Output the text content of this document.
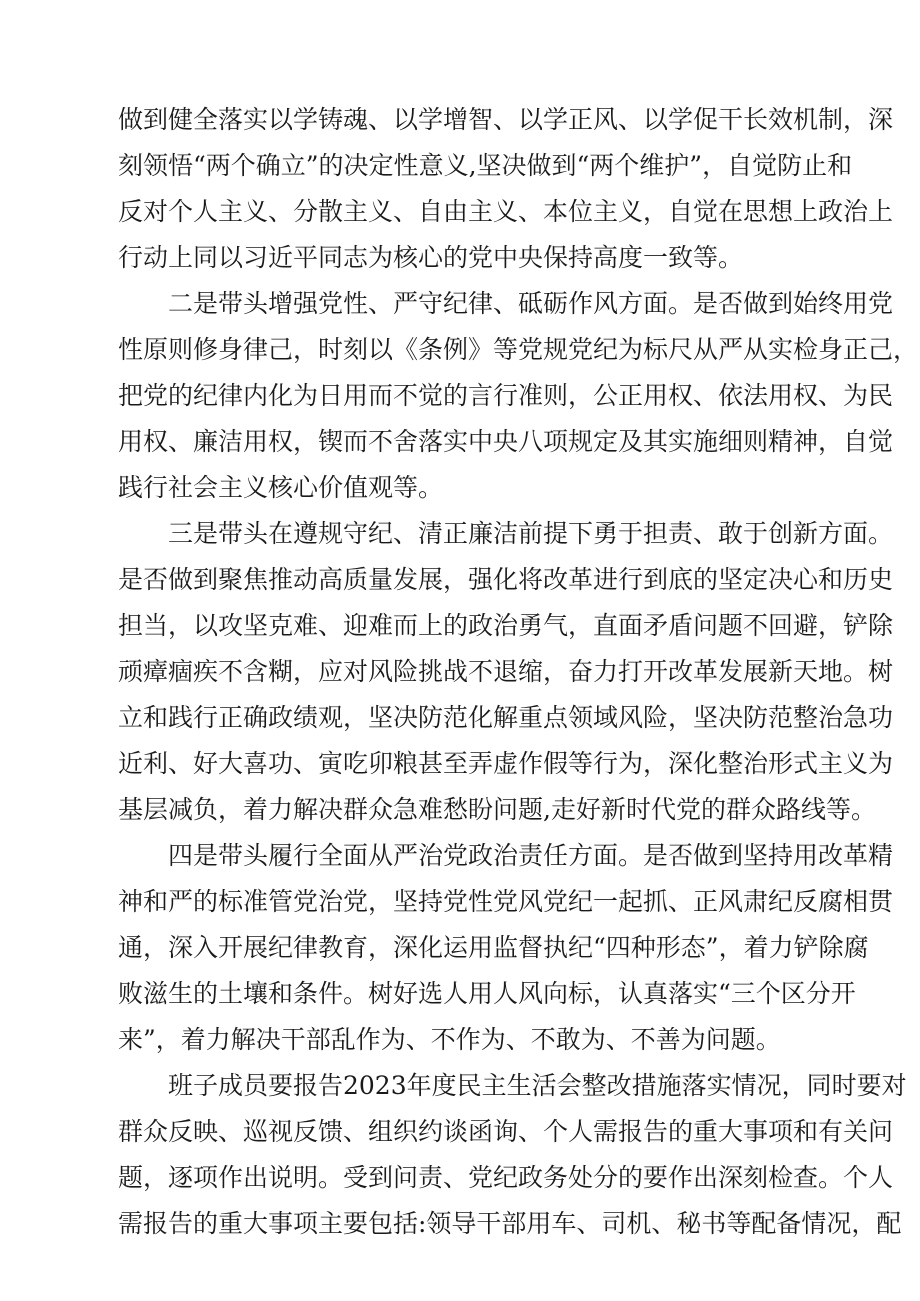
做到健全落实以学铸魂、以学增智、以学正风、以学促干长效机制，深
刻领悟“两个确立”的决定性意义,坚决做到“两个维护”，自觉防止和
反对个人主义、分散主义、自由主义、本位主义，自觉在思想上政治上
行动上同以习近平同志为核心的党中央保持高度一致等。
二是带头增强党性、严守纪律、砥砺作风方面。是否做到始终用党
性原则修身律己，时刻以《条例》等党规党纪为标尺从严从实检身正己，
把党的纪律内化为日用而不觉的言行准则，公正用权、依法用权、为民
用权、廉洁用权，锲而不舍落实中央八项规定及其实施细则精神，自觉
践行社会主义核心价值观等。
三是带头在遵规守纪、清正廉洁前提下勇于担责、敢于创新方面。
是否做到聚焦推动高质量发展，强化将改革进行到底的坚定决心和历史
担当，以攻坚克难、迎难而上的政治勇气，直面矛盾问题不回避，铲除
顽瘴痼疾不含糊，应对风险挑战不退缩，奋力打开改革发展新天地。树
立和践行正确政绩观，坚决防范化解重点领域风险，坚决防范整治急功
近利、好大喜功、寅吃卯粮甚至弄虚作假等行为，深化整治形式主义为
基层减负，着力解决群众急难愁盼问题,走好新时代党的群众路线等。
四是带头履行全面从严治党政治责任方面。是否做到坚持用改革精
神和严的标准管党治党，坚持党性党风党纪一起抓、正风肃纪反腐相贯
通，深入开展纪律教育，深化运用监督执纪“四种形态”，着力铲除腐
败滋生的土壤和条件。树好选人用人风向标，认真落实“三个区分开
来”，着力解决干部乱作为、不作为、不敢为、不善为问题。
班子成员要报告2023年度民主生活会整改措施落实情况，同时要对
群众反映、巡视反馈、组织约谈函询、个人需报告的重大事项和有关问
题，逐项作出说明。受到问责、党纪政务处分的要作出深刻检查。个人
需报告的重大事项主要包括:领导干部用车、司机、秘书等配备情况，配
